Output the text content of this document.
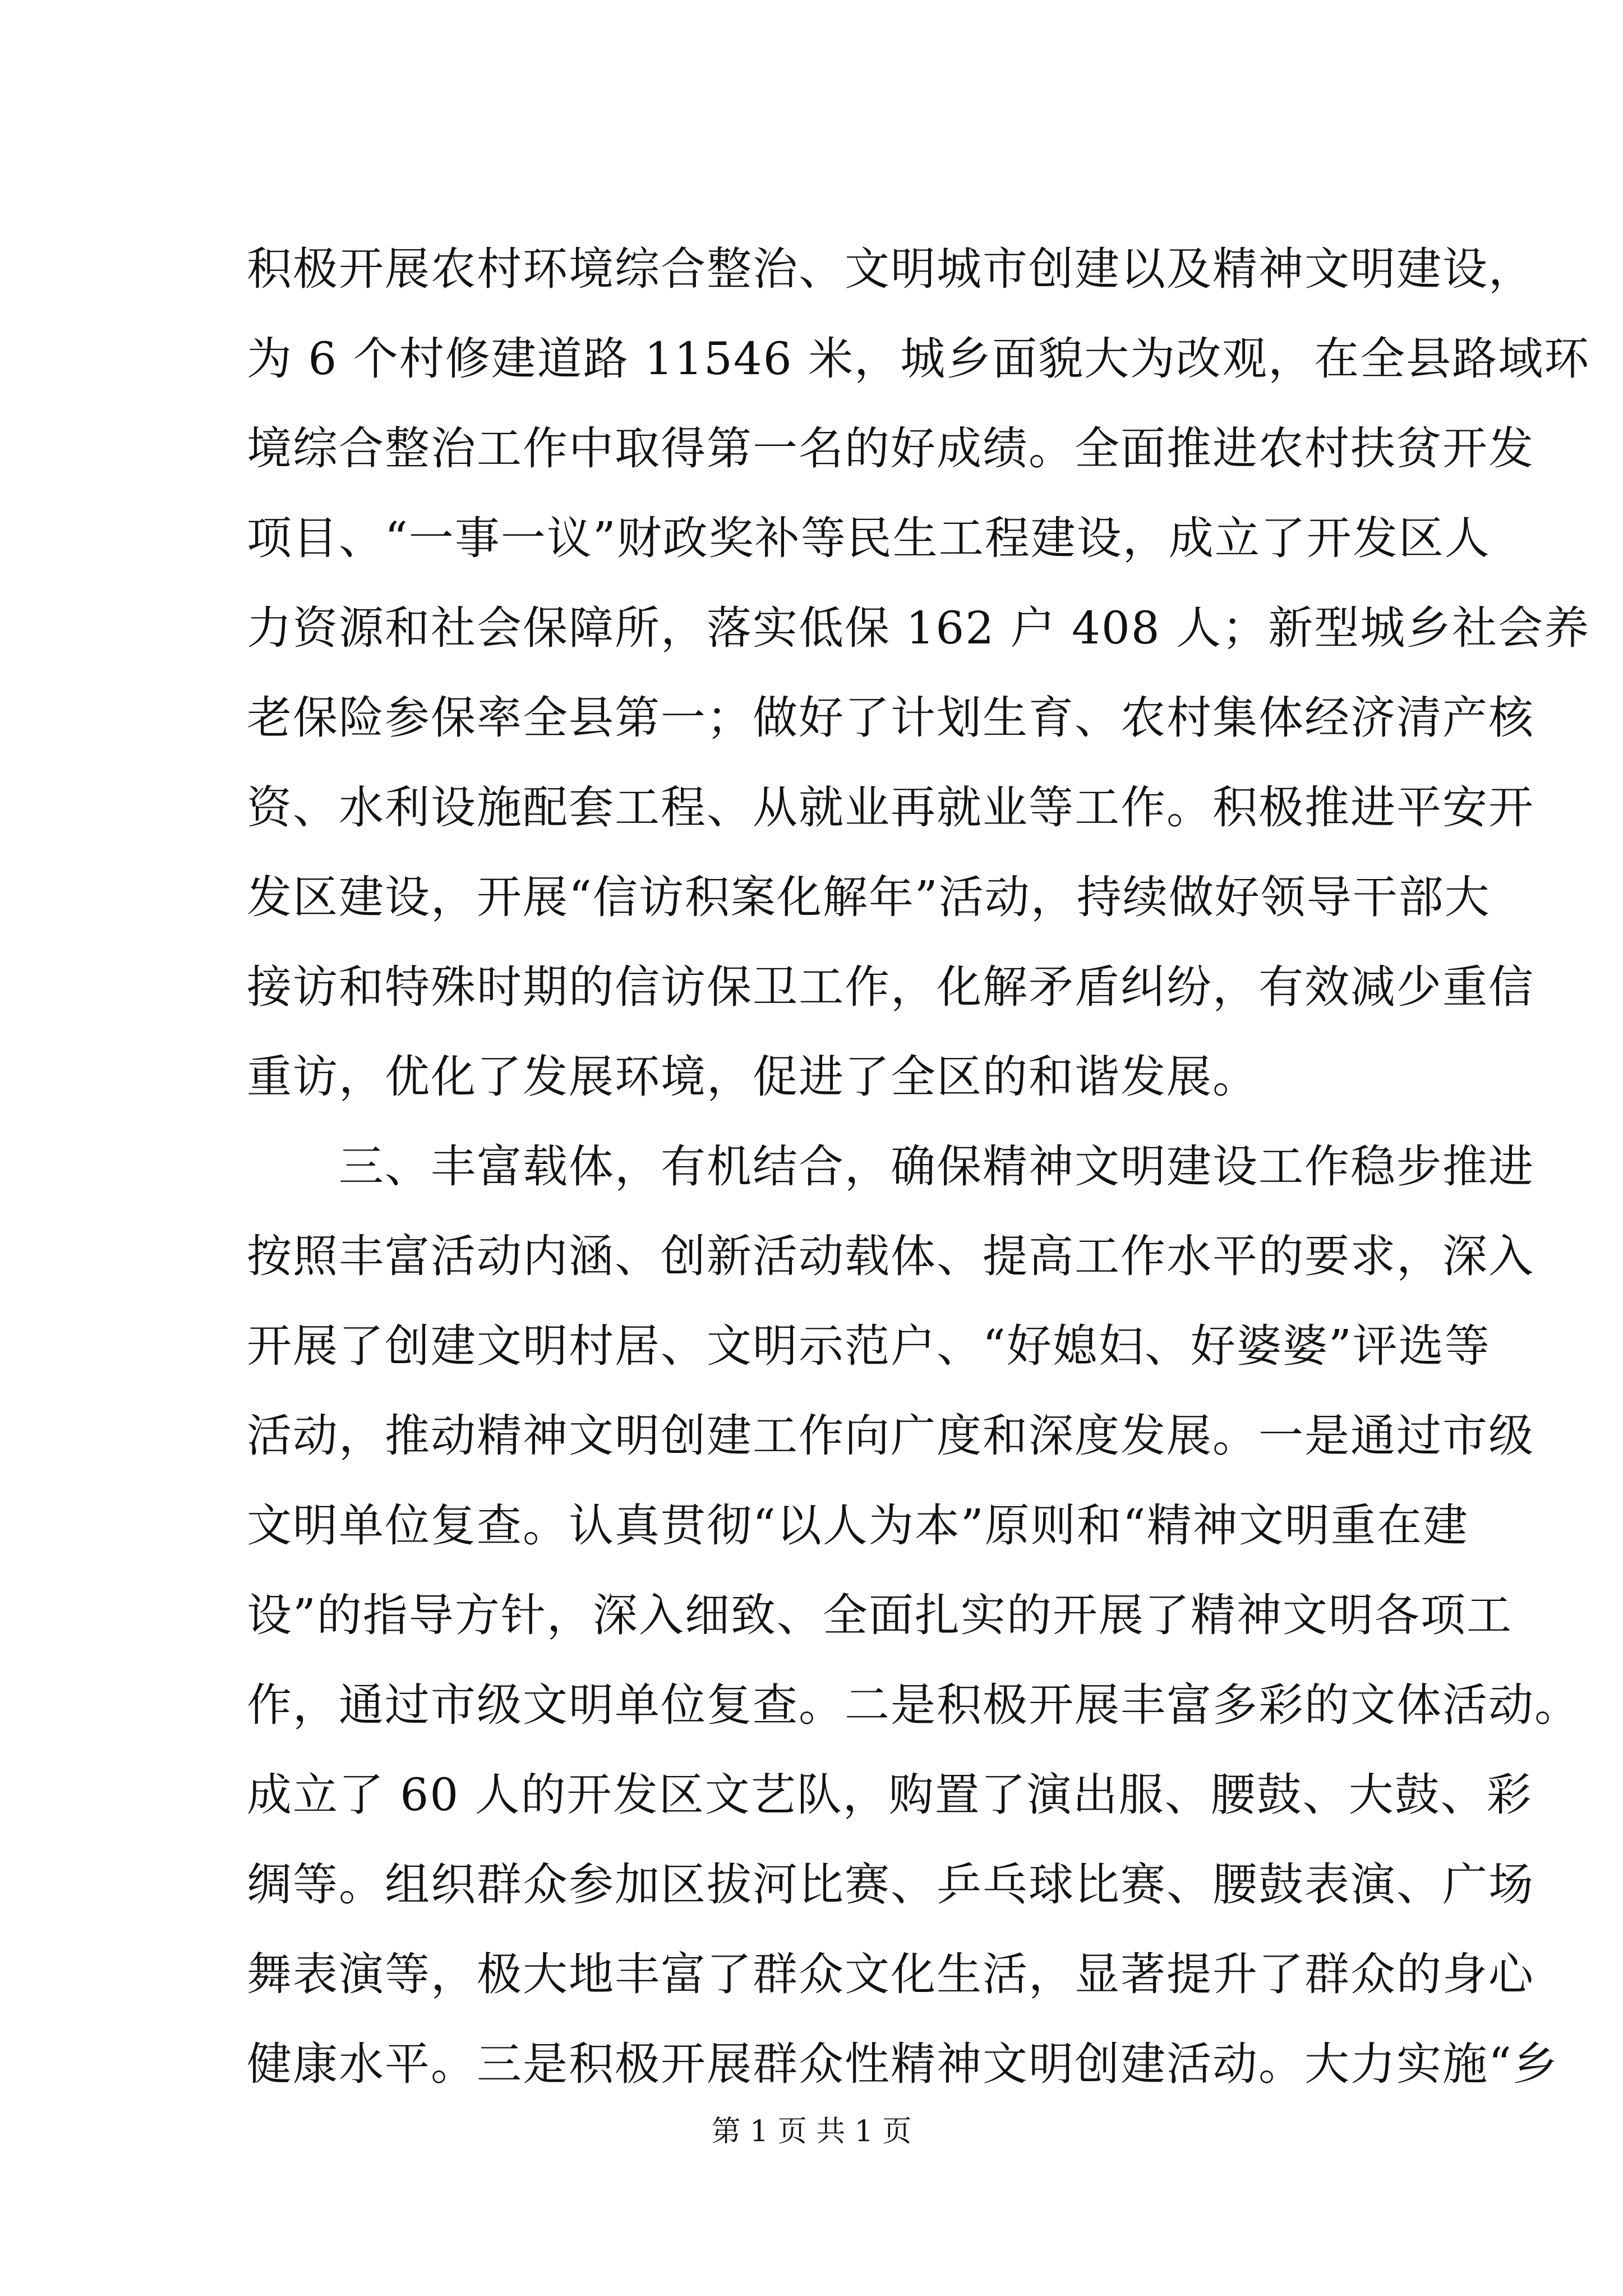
积极开展农村环境综合整治、文明城市创建以及精神文明建设，
为 6 个村修建道路 11546 米，城乡面貌大为改观，在全县路域环
境综合整治工作中取得第一名的好成绩。全面推进农村扶贫开发
项目、“一事一议”财政奖补等民生工程建设，成立了开发区人
力资源和社会保障所，落实低保 162 户 408 人；新型城乡社会养
老保险参保率全县第一；做好了计划生育、农村集体经济清产核
资、水利设施配套工程、从就业再就业等工作。积极推进平安开
发区建设，开展“信访积案化解年”活动，持续做好领导干部大
接访和特殊时期的信访保卫工作，化解矛盾纠纷，有效减少重信
重访，优化了发展环境，促进了全区的和谐发展。
　　三、丰富载体，有机结合，确保精神文明建设工作稳步推进
按照丰富活动内涵、创新活动载体、提高工作水平的要求，深入
开展了创建文明村居、文明示范户、“好媳妇、好婆婆”评选等
活动，推动精神文明创建工作向广度和深度发展。一是通过市级
文明单位复查。认真贯彻“以人为本”原则和“精神文明重在建
设”的指导方针，深入细致、全面扎实的开展了精神文明各项工
作，通过市级文明单位复查。二是积极开展丰富多彩的文体活动。
成立了 60 人的开发区文艺队，购置了演出服、腰鼓、大鼓、彩
绸等。组织群众参加区拔河比赛、乒乓球比赛、腰鼓表演、广场
舞表演等，极大地丰富了群众文化生活，显著提升了群众的身心
健康水平。三是积极开展群众性精神文明创建活动。大力实施“乡
第 1 页 共 1 页
